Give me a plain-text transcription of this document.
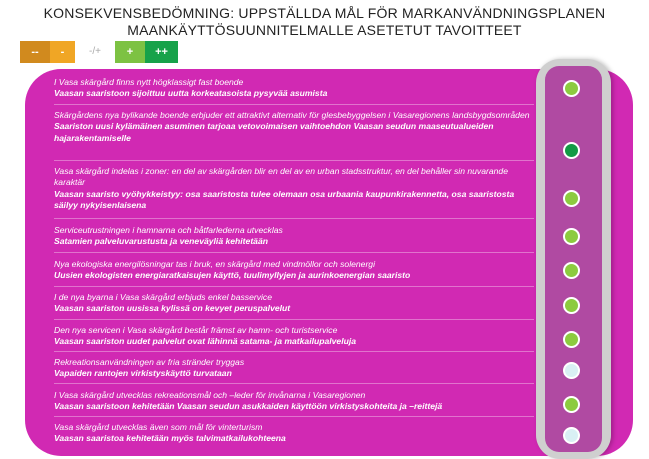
KONSEKVENSBEDÖMNING: UPPSTÄLLDA MÅL FÖR MARKANVÄNDNINGSPLANEN
MAANKÄYTTÖSUUNNITELMALLE ASETETUT TAVOITTEET
--	-	-/+	+	++
I Vasa skärgård finns nytt högklassigt fast boende
Vaasan saaristoon sijoittuu uutta korkeatasoista pysyvää asumista
Skärgårdens nya bylikande boende erbjuder ett attraktivt alternativ för glesbebyggelsen i Vasaregionens landsbygdsområden
Saariston uusi kylämäinen asuminen tarjoaa vetovoimaisen vaihtoehdon Vaasan seudun maaseutualueiden hajarakentamiselle
Vasa skärgård indelas i zoner: en del av skärgården blir en del av en urban stadsstruktur, en del behåller sin nuvarande karaktär
Vaasan saaristo vyöhykkeistyy: osa saaristosta tulee olemaan osa urbaania kaupunkirakennetta, osa saaristosta säilyy nykyisenlaisena
Serviceutrustningen i hamnarna och båtfarlederna utvecklas
Satamien palveluvarustusta ja veneväyliä kehitetään
Nya ekologiska energilösningar tas i bruk, en skärgård med vindmöllor och solenergi
Uusien ekologisten energiaratkaisujen käyttö, tuulimyllyjen ja aurinkoenergian saaristo
I de nya byarna i Vasa skärgård erbjuds enkel basservice
Vaasan saariston uusissa kylissä on kevyet peruspalvelut
Den nya servicen i Vasa skärgård består främst av hamn- och turistservice
Vaasan saariston uudet palvelut ovat lähinnä satama- ja matkailupalveluja
Rekreationsanvändningen av fria stränder tryggas
Vapaiden rantojen virkistyskäyttö turvataan
I Vasa skärgård utvecklas rekreationsmål och –leder för invånarna i Vasaregionen
Vaasan saaristoon kehitetään Vaasan seudun asukkaiden käyttöön virkistyskohteita ja –reittejä
Vasa skärgård utvecklas även som mål för vinterturism
Vaasan saaristoa kehitetään myös talvimatkailukohteena
